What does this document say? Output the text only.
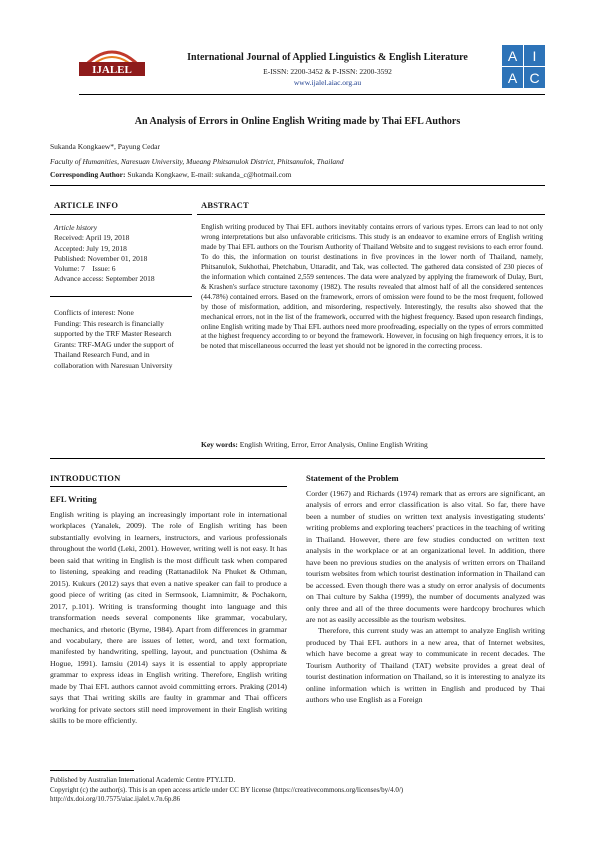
IJALEL
International Journal of Applied Linguistics & English Literature
E-ISSN: 2200-3452 & P-ISSN: 2200-3592
www.ijalel.aiac.org.au
A	I
A C
An Analysis of Errors in Online English Writing made by Thai EFL Authors
Sukanda Kongkaew*, Payung Cedar
Faculty of Humanities, Naresuan University, Mueang Phitsanulok District, Phitsanulok, Thailand
Corresponding Author: Sukanda Kongkaew, E-mail: sukanda_c@hotmail.com
ARTICLE INFO
Article history
Received: April 19, 2018
Accepted: July 19, 2018
Published: November 01, 2018
Volume: 7    Issue: 6
Advance access: September 2018
Conflicts of interest: None
Funding: This research is financially supported by the TRF Master Research Grants: TRF-MAG under the support of Thailand Research Fund, and in collaboration with Naresuan University
ABSTRACT
English writing produced by Thai EFL authors inevitably contains errors of various types. Errors can lead to not only wrong interpretations but also unfavorable criticisms. This study is an endeavor to examine errors of English writing made by Thai EFL authors on the Tourism Authority of Thailand Website and to suggest revisions to each error found. To do this, the information on tourist destinations in five provinces in the lower north of Thailand, namely, Phitsanulok, Sukhothai, Phetchabun, Uttaradit, and Tak, was collected. The gathered data consisted of 230 pieces of the information which contained 2,559 sentences. The data were analyzed by applying the framework of Dulay, Burt, & Krashen's surface structure taxonomy (1982). The results revealed that almost half of all the considered sentences (44.78%) contained errors. Based on the framework, errors of omission were found to be the most frequent, followed by those of misformation, addition, and misordering, respectively. Interestingly, the results also showed that the mechanical errors, not in the list of the framework, occurred with the highest frequency. Based upon research findings, online English writing made by Thai EFL authors need more proofreading, especially on the types of errors committed at the highest frequency according to or beyond the framework. However, in focusing on high frequency errors, it is to be noted that miscellaneous occurred the least yet should not be ignored in the correcting process.
Key words: English Writing, Error, Error Analysis, Online English Writing
INTRODUCTION
EFL Writing

English writing is playing an increasingly important role in international workplaces (Yanalek, 2009). The role of English writing has been substantially evolving in learners, instructors, and various professionals throughout the world (Leki, 2001). However, writing well is not easy. It has been said that writing in English is the most difficult task when compared to listening, speaking and reading (Rattanadilok Na Phuket & Othman, 2015). Kukurs (2012) says that even a native speaker can fail to produce a good piece of writing (as cited in Sermsook, Liamnimitr, & Pochakorn, 2017, p.101). Writing is transforming thought into language and this transformation needs several components like grammar, vocabulary, mechanics, and rhetoric (Byrne, 1984). Apart from differences in grammar and vocabulary, there are issues of letter, word, and text formation, manifested by handwriting, spelling, layout, and punctuation (Oshima & Hogue, 1991). Iamsiu (2014) says it is essential to apply appropriate grammar to express ideas in English writing. Therefore, English writing made by Thai EFL authors cannot avoid committing errors. Praking (2014) says that Thai writing skills are faulty in grammar and Thai officers working for private sectors still need improvement in their English writing skills to be more efficiently.

Statement of the Problem

Corder (1967) and Richards (1974) remark that as errors are significant, an analysis of errors and error classification is also vital. So far, there have been a number of studies on written text analysis investigating students' writing problems and exploring teachers' practices in the teaching of writing in Thailand. However, there are few studies conducted on written text analysis in the workplace or at an organizational level. In addition, there have been no previous studies on the analysis of written errors on Thailand tourism websites from which tourist destination information in Thailand can be accessed. Even though there was a study on error analysis of documents on Thai culture by Sakha (1999), the number of documents analyzed was only three and all of the three documents were hardcopy brochures which are not as easily accessible as the tourism websites.

Therefore, this current study was an attempt to analyze English writing produced by Thai EFL authors in a new area, that of Internet websites, which have become a great way to communicate in recent decades. The Tourism Authority of Thailand (TAT) website provides a great deal of tourist destination information on Thailand, so it is interesting to analyze its online information which is written in English and produced by Thai authors who use English as a Foreign

Published by Australian International Academic Centre PTY.LTD.
Copyright (c) the author(s). This is an open access article under CC BY license (https://creativecommons.org/licenses/by/4.0/)
http://dx.doi.org/10.7575/aiac.ijalel.v.7n.6p.86
